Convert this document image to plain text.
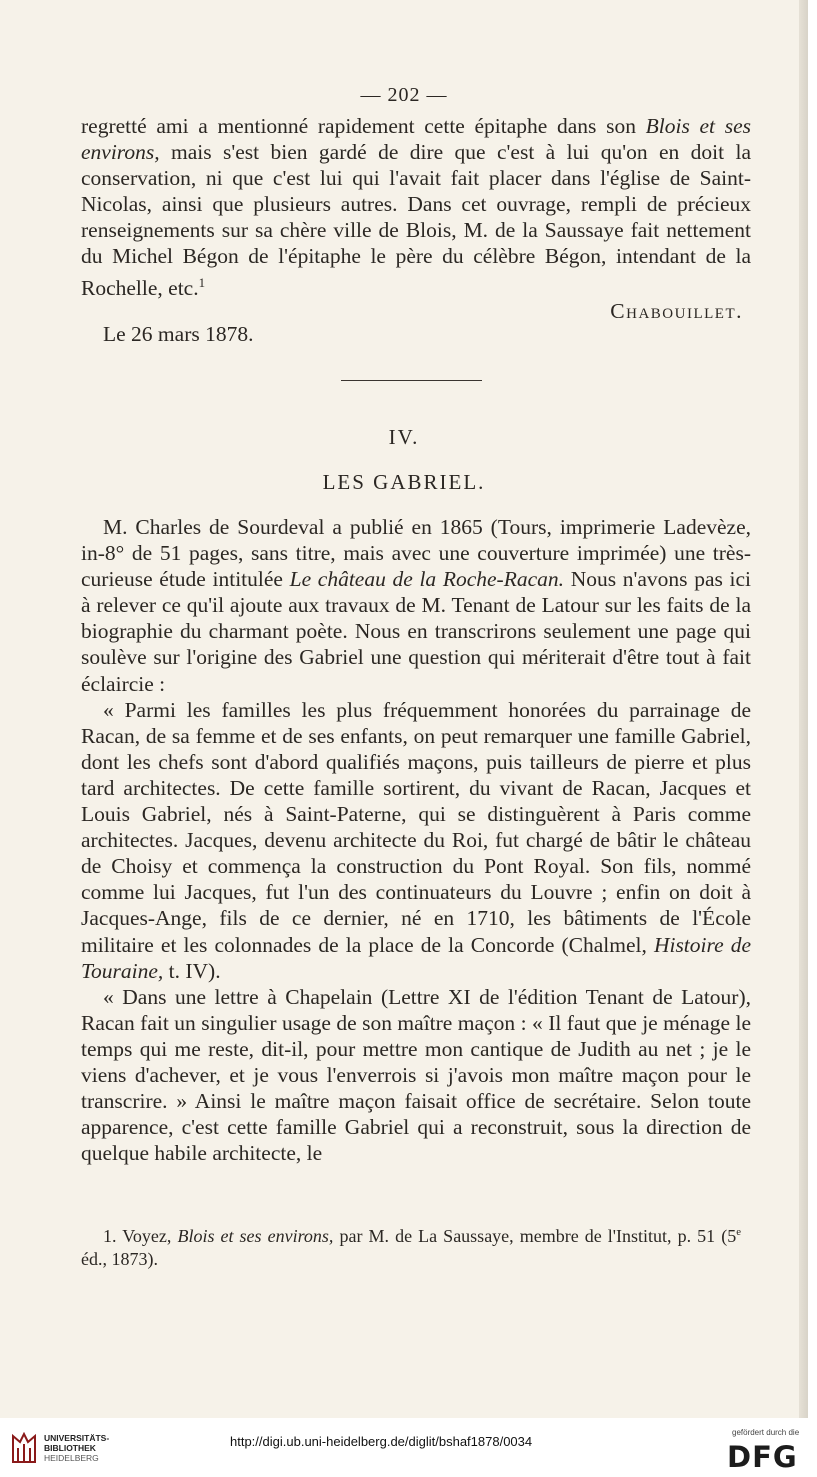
— 202 —

regretté ami a mentionné rapidement cette épitaphe dans son Blois et ses environs, mais s'est bien gardé de dire que c'est à lui qu'on en doit la conservation, ni que c'est lui qui l'avait fait placer dans l'église de Saint-Nicolas, ainsi que plusieurs autres. Dans cet ouvrage, rempli de précieux renseignements sur sa chère ville de Blois, M. de la Saussaye fait nettement du Michel Bégon de l'épitaphe le père du célèbre Bégon, intendant de la Rochelle, etc.$^1$

Chabouillet.

Le 26 mars 1878.

IV.
LES GABRIEL.

M. Charles de Sourdeval a publié en 1865 (Tours, imprimerie Ladevèze, in-8° de 51 pages, sans titre, mais avec une couverture imprimée) une très-curieuse étude intitulée Le château de la Roche-Racan. Nous n'avons pas ici à relever ce qu'il ajoute aux travaux de M. Tenant de Latour sur les faits de la biographie du charmant poète. Nous en transcrirons seulement une page qui soulève sur l'origine des Gabriel une question qui mériterait d'être tout à fait éclaircie :

« Parmi les familles les plus fréquemment honorées du parrainage de Racan, de sa femme et de ses enfants, on peut remarquer une famille Gabriel, dont les chefs sont d'abord qualifiés maçons, puis tailleurs de pierre et plus tard architectes. De cette famille sortirent, du vivant de Racan, Jacques et Louis Gabriel, nés à Saint-Paterne, qui se distinguèrent à Paris comme architectes. Jacques, devenu architecte du Roi, fut chargé de bâtir le château de Choisy et commença la construction du Pont Royal. Son fils, nommé comme lui Jacques, fut l'un des continuateurs du Louvre ; enfin on doit à Jacques-Ange, fils de ce dernier, né en 1710, les bâtiments de l'École militaire et les colonnades de la place de la Concorde (Chalmel, Histoire de Touraine, t. IV).

« Dans une lettre à Chapelain (Lettre XI de l'édition Tenant de Latour), Racan fait un singulier usage de son maître maçon : « Il faut que je ménage le temps qui me reste, dit-il, pour mettre mon cantique de Judith au net ; je le viens d'achever, et je vous l'enverrois si j'avois mon maître maçon pour le transcrire. » Ainsi le maître maçon faisait office de secrétaire. Selon toute apparence, c'est cette famille Gabriel qui a reconstruit, sous la direction de quelque habile architecte, le

1. Voyez, Blois et ses environs, par M. de La Saussaye, membre de l'Institut, p. 51 (5e éd., 1873).

UNIVERSITÄTS-
BIBLIOTHEK
HEIDELBERG
http://digi.ub.uni-heidelberg.de/diglit/bshaf1878/0034
gefördert durch die
DFG
